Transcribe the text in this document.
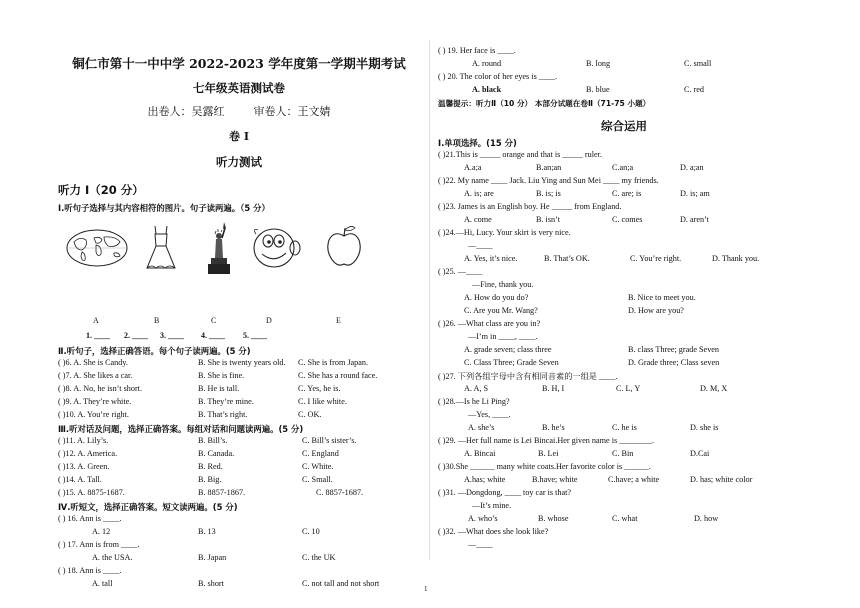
铜仁市第十一中中学 2022-2023 学年度第一学期半期考试
七年级英语测试卷
出卷人：吴露红	审卷人：王文婧
卷 I
听力测试
听力 I（20 分）
Ⅰ.听句子选择与其内容相符的图片。句子读两遍。（5 分）
A	B	C	D	E
1. ____ 2. ____ 3. ____ 4. ____ 5. ____
Ⅱ.听句子，选择正确答语。每个句子读两遍。(5 分)
( )6. A. She is Candy.	B. She is twenty years old. C. She is from Japan.
( )7. A. She likes a car.	B. She is fine.	C. She has a round face.
( )8. A. No, he isn’t short.	B. He is tall.	C. Yes, he is.
( )9. A. They’re white.	B. They’re mine.	C. I like white.
( )10. A. You’re right.	B. That’s right.	C. OK.
Ⅲ.听对话及问题，选择正确答案。每组对话和问题读两遍。(5 分)
( )11. A. Lily’s.	B. Bill’s.	C. Bill’s sister’s.
( )12. A. America.	B. Canada.	C. England
( )13. A. Green.	B. Red.	C. White.
( )14. A. Tall.	B. Big.	C. Small.
( )15. A. 8875-1687.	B. 8857-1867.	C. 8857-1687.
Ⅳ.听短文，选择正确答案。短文读两遍。(5 分)
( ) 16. Ann is ____.
A. 12	B. 13	C. 10
( ) 17. Ann is from ____.
A. the USA.	B. Japan	C. the UK
( ) 18. Ann is ____.
A. tall	B. short	C. not tall and not short
( ) 19. Her face is ____.
A. round	B. long	C. small
( ) 20. The color of her eyes is ____.
A. black	B. blue	C. red
温馨提示：听力Ⅱ（10 分） 本部分试题在卷Ⅱ（71-75 小题）
综合运用
Ⅰ.单项选择。(15 分)
( )21.This is _____ orange and that is _____ ruler.
A.a;a	B.an;an	C.an;a	D. a;an
( )22. My name ____ Jack. Liu Ying and Sun Mei ____ my friends.
A. is; are	B. is; is	C. are; is	D. is; am
( )23. James is an English boy. He _____ from England.
A. come	B. isn’t	C. comes	D. aren’t
( )24.—Hi, Lucy. Your skirt is very nice.
—____
A. Yes, it’s nice.	B. That’s OK.	C. You’re right.	D. Thank you.
( )25. —____
—Fine, thank you.
A. How do you do?	B. Nice to meet you.
C. Are you Mr. Wang?	D. How are you?
( )26. —What class are you in?
—I’m in ____, ____.
A. grade seven; class three	B. class Three; grade Seven
C. Class Three; Grade Seven	D. Grade three; Class seven
( )27. 下列各组字母中含有相同音素的一组是 ____.
A. A, S	B. H, I	C. L, Y	D. M, X
( )28.—Is he Li Ping?
—Yes, ____.
A. she’s	B. he’s	C. he is	D. she is
( )29. —Her full name is Lei Bincai.Her given name is ________.
A. Bincai	B. Lei	C. Bin	D.Cai
( )30.She ______ many white coats.Her favorite color is ______.
A.has; white	B.have; white	C.have; a white	D. has; white color
( )31. —Dongdong, ____ toy car is that?
—It’s mine.
A. who’s	B. whose	C. what	D. how
( )32. —What does she look like?
—____
1
